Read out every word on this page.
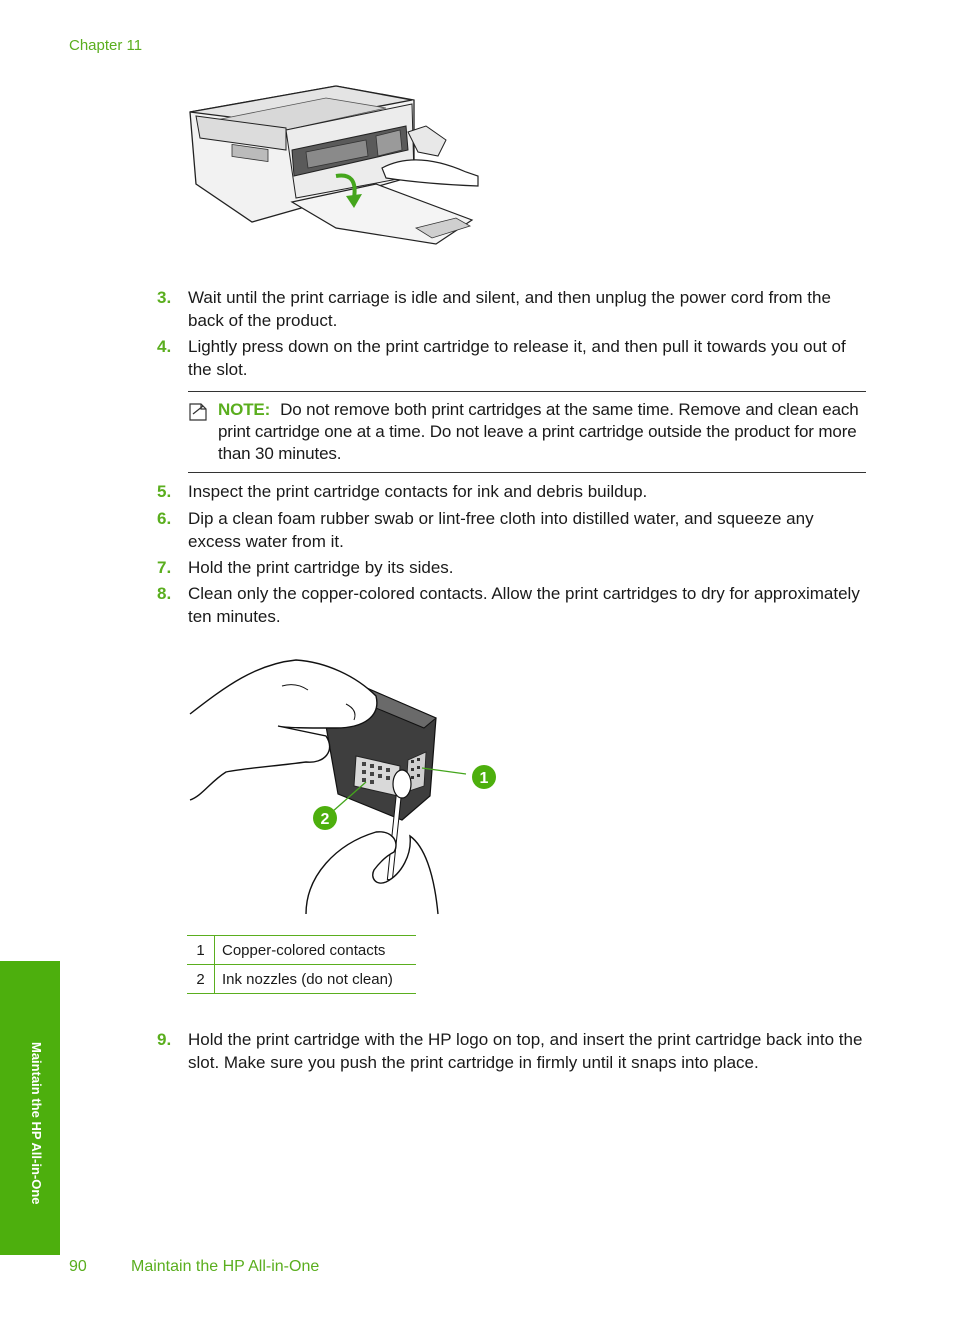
Chapter 11
3. Wait until the print carriage is idle and silent, and then unplug the power cord from the back of the product.
4. Lightly press down on the print cartridge to release it, and then pull it towards you out of the slot.
NOTE: Do not remove both print cartridges at the same time. Remove and clean each print cartridge one at a time. Do not leave a print cartridge outside the product for more than 30 minutes.
5. Inspect the print cartridge contacts for ink and debris buildup.
6. Dip a clean foam rubber swab or lint-free cloth into distilled water, and squeeze any excess water from it.
7. Hold the print cartridge by its sides.
8. Clean only the copper-colored contacts. Allow the print cartridges to dry for approximately ten minutes.
1
2
1	Copper-colored contacts
2	Ink nozzles (do not clean)
9. Hold the print cartridge with the HP logo on top, and insert the print cartridge back into the slot. Make sure you push the print cartridge in firmly until it snaps into place.
Maintain the HP All-in-One
90	Maintain the HP All-in-One
